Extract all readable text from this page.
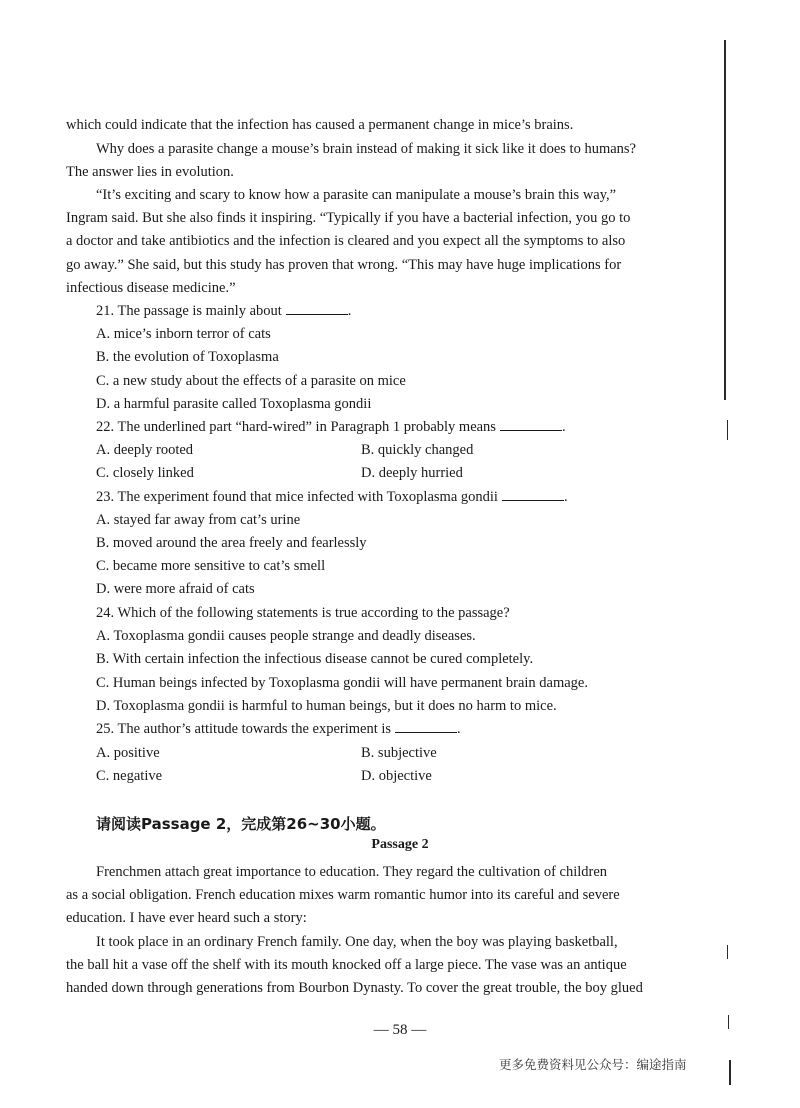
which could indicate that the infection has caused a permanent change in mice’s brains.
Why does a parasite change a mouse’s brain instead of making it sick like it does to humans?
The answer lies in evolution.
“It’s exciting and scary to know how a parasite can manipulate a mouse’s brain this way,”
Ingram said. But she also finds it inspiring. “Typically if you have a bacterial infection, you go to
a doctor and take antibiotics and the infection is cleared and you expect all the symptoms to also
go away.” She said, but this study has proven that wrong. “This may have huge implications for
infectious disease medicine.”
21. The passage is mainly about	.
A. mice’s inborn terror of cats
B. the evolution of Toxoplasma
C. a new study about the effects of a parasite on mice
D. a harmful parasite called Toxoplasma gondii
22. The underlined part “hard-wired” in Paragraph 1 probably means	.
A. deeply rooted	B. quickly changed
C. closely linked	D. deeply hurried
23. The experiment found that mice infected with Toxoplasma gondii	.
A. stayed far away from cat’s urine
B. moved around the area freely and fearlessly
C. became more sensitive to cat’s smell
D. were more afraid of cats
24. Which of the following statements is true according to the passage?
A. Toxoplasma gondii causes people strange and deadly diseases.
B. With certain infection the infectious disease cannot be cured completely.
C. Human beings infected by Toxoplasma gondii will have permanent brain damage.
D. Toxoplasma gondii is harmful to human beings, but it does no harm to mice.
25. The author’s attitude towards the experiment is	.
A. positive	B. subjective
C. negative	D. objective
请阅读Passage 2，完成第26~30小题。
Passage 2
Frenchmen attach great importance to education. They regard the cultivation of children
as a social obligation. French education mixes warm romantic humor into its careful and severe
education. I have ever heard such a story:
It took place in an ordinary French family. One day, when the boy was playing basketball,
the ball hit a vase off the shelf with its mouth knocked off a large piece. The vase was an antique
handed down through generations from Bourbon Dynasty. To cover the great trouble, the boy glued
— 58 —
更多免费资料见公众号：编途指南
